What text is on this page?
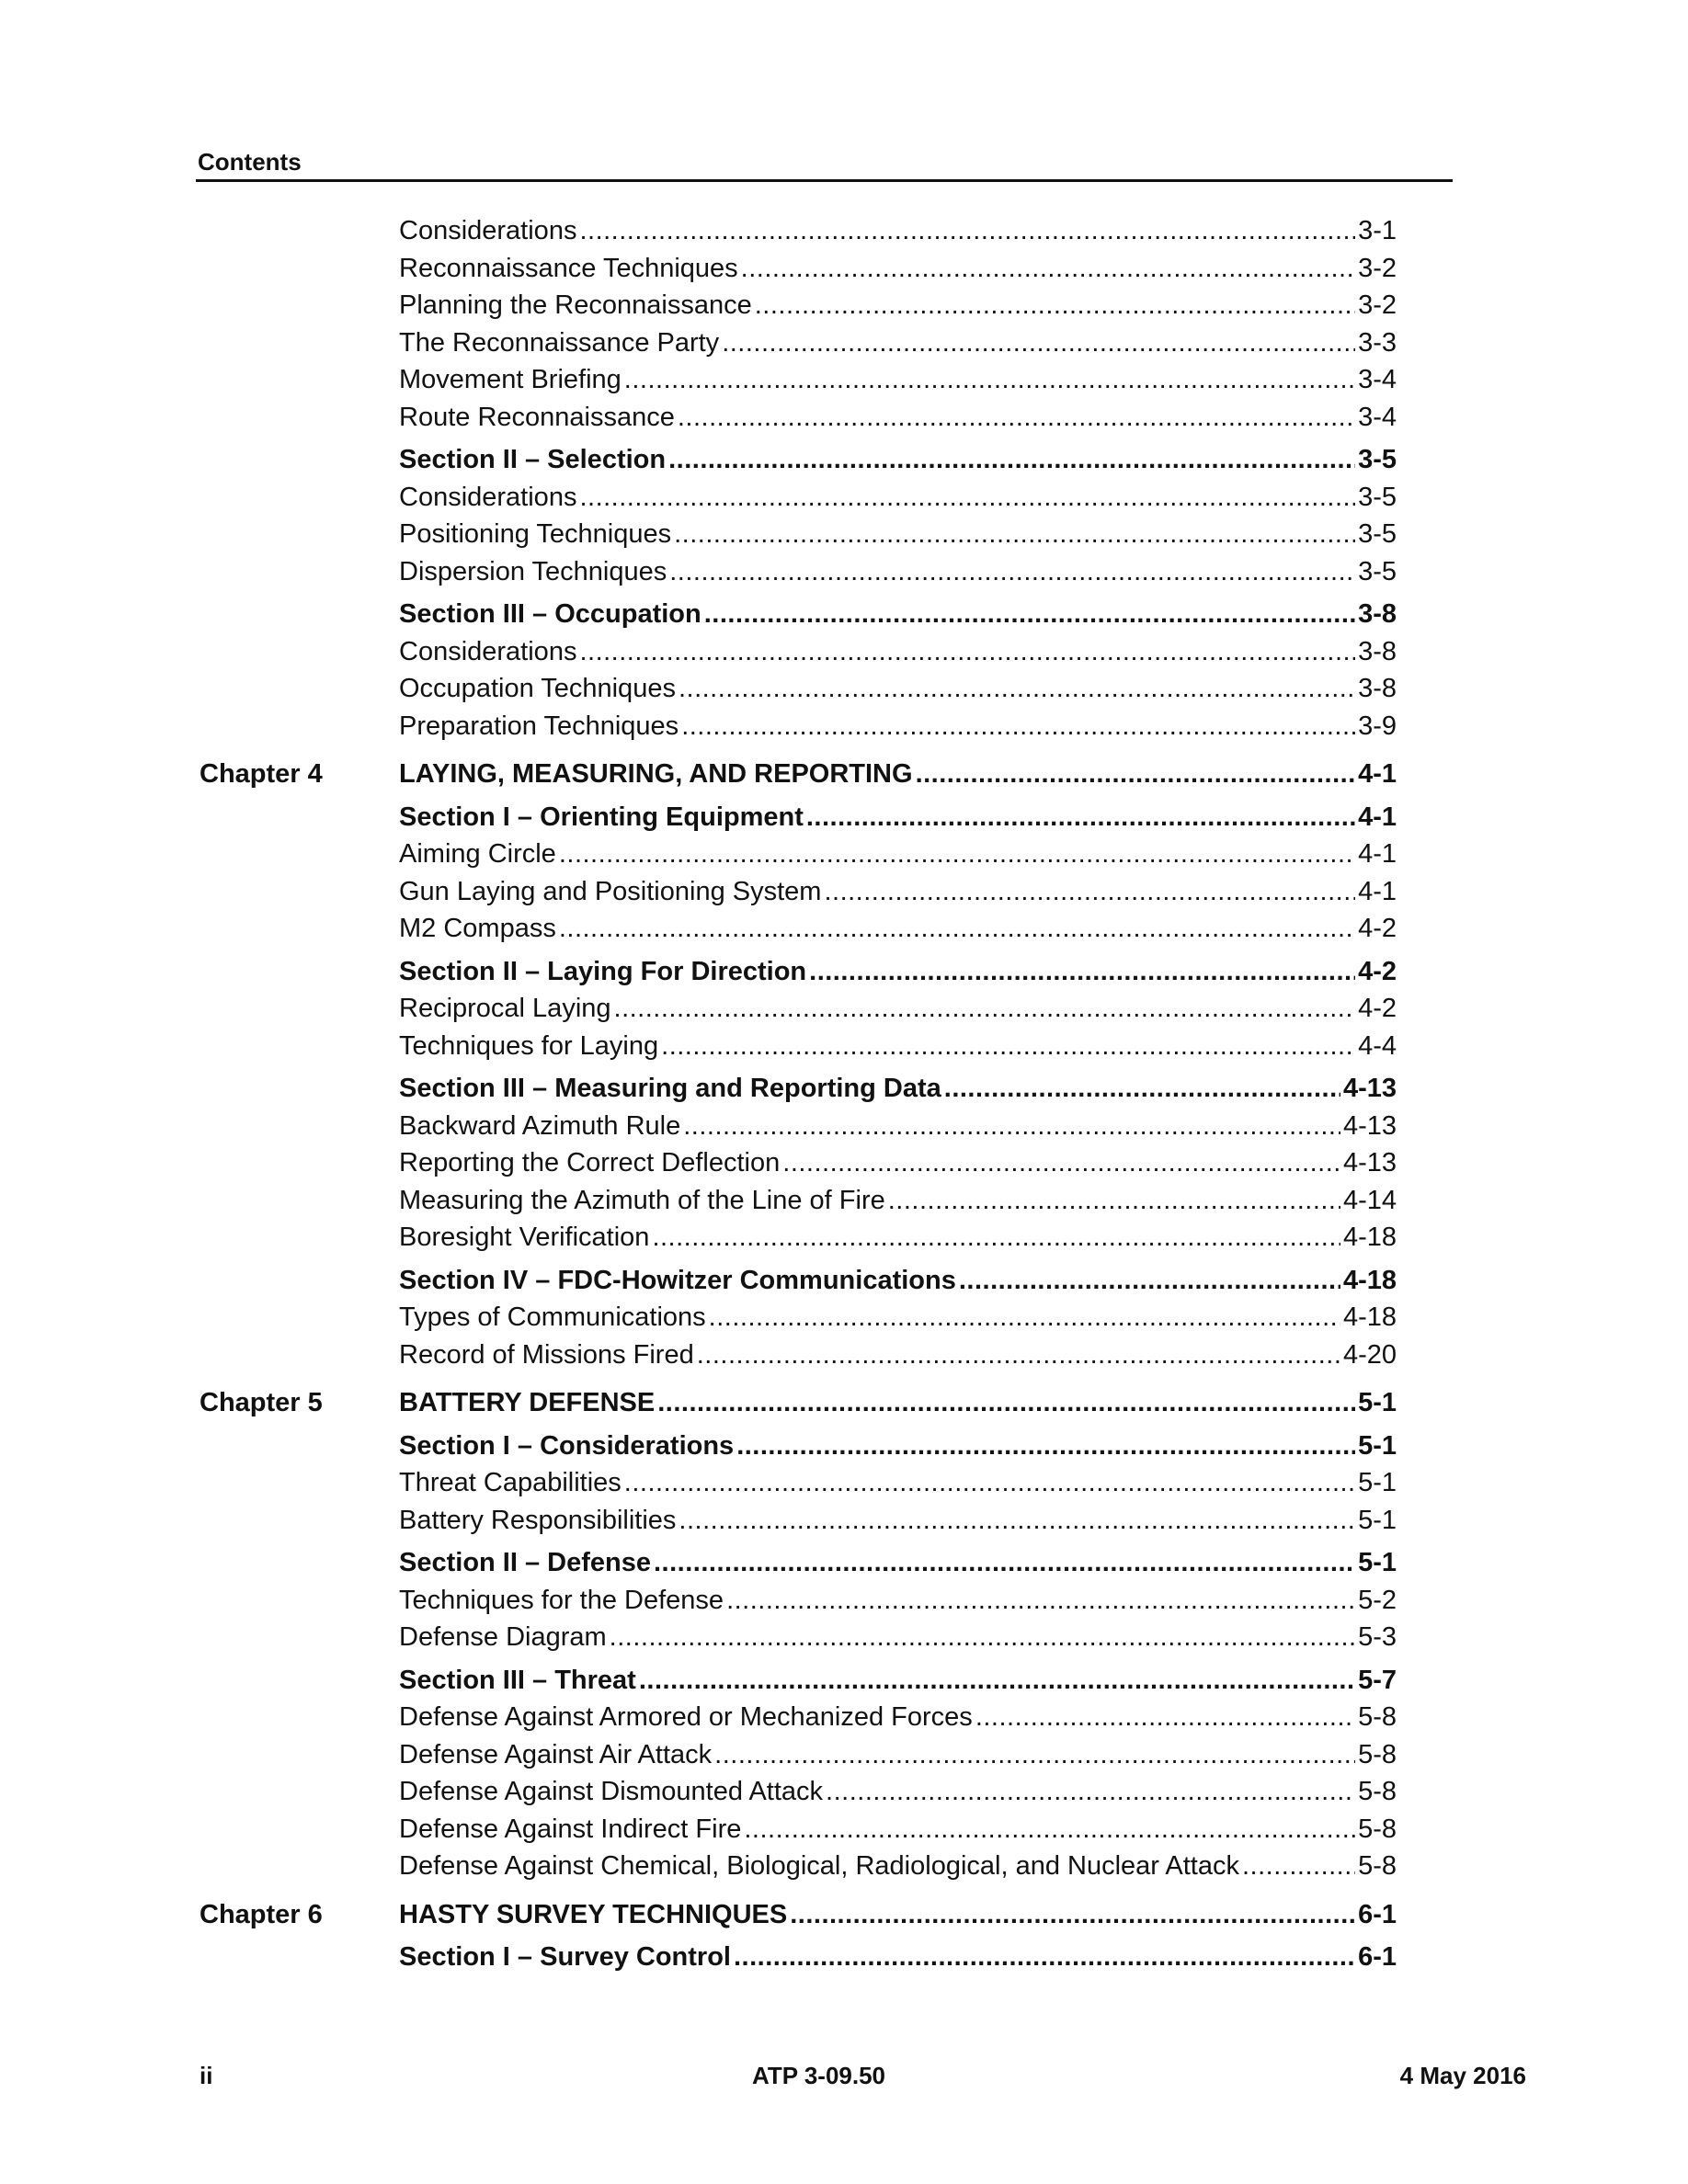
Contents
Considerations .....	3-1
Reconnaissance Techniques .....	3-2
Planning the Reconnaissance .....	3-2
The Reconnaissance Party .....	3-3
Movement Briefing .....	3-4
Route Reconnaissance .....	3-4
Section II – Selection .....	3-5
Considerations .....	3-5
Positioning Techniques .....	3-5
Dispersion Techniques .....	3-5
Section III – Occupation .....	3-8
Considerations .....	3-8
Occupation Techniques .....	3-8
Preparation Techniques .....	3-9
Chapter 4	LAYING, MEASURING, AND REPORTING .....	4-1
Section I – Orienting Equipment .....	4-1
Aiming Circle .....	4-1
Gun Laying and Positioning System .....	4-1
M2 Compass .....	4-2
Section II – Laying For Direction .....	4-2
Reciprocal Laying .....	4-2
Techniques for Laying .....	4-4
Section III – Measuring and Reporting Data .....	4-13
Backward Azimuth Rule .....	4-13
Reporting the Correct Deflection .....	4-13
Measuring the Azimuth of the Line of Fire .....	4-14
Boresight Verification .....	4-18
Section IV – FDC-Howitzer Communications .....	4-18
Types of Communications .....	4-18
Record of Missions Fired .....	4-20
Chapter 5	BATTERY DEFENSE .....	5-1
Section I – Considerations .....	5-1
Threat Capabilities .....	5-1
Battery Responsibilities .....	5-1
Section II – Defense .....	5-1
Techniques for the Defense .....	5-2
Defense Diagram .....	5-3
Section III – Threat .....	5-7
Defense Against Armored or Mechanized Forces .....	5-8
Defense Against Air Attack .....	5-8
Defense Against Dismounted Attack .....	5-8
Defense Against Indirect Fire .....	5-8
Defense Against Chemical, Biological, Radiological, and Nuclear Attack .....	5-8
Chapter 6	HASTY SURVEY TECHNIQUES .....	6-1
Section I – Survey Control .....	6-1
ii	ATP 3-09.50	4 May 2016
